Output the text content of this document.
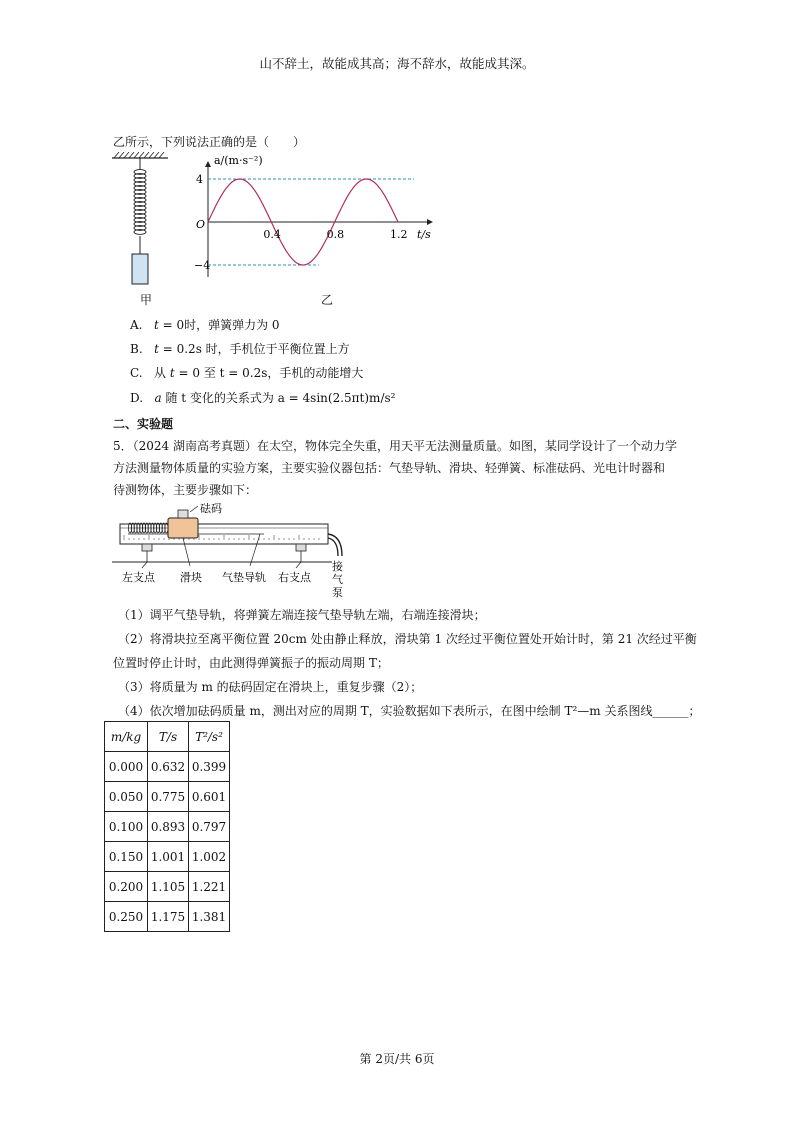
山不辞土，故能成其高；海不辞水，故能成其深。
乙所示，下列说法正确的是（　　）
a/(m·s⁻²)
t/s
O
0.4	0.8	1.2
4
−4
甲	乙
A. t = 0时，弹簧弹力为 0
B. t = 0.2s 时，手机位于平衡位置上方
C. 从 t = 0 至 t = 0.2s，手机的动能增大
D. a 随 t 变化的关系式为 a = 4sin(2.5πt)m/s²
二、实验题
5．（2024 湖南高考真题）在太空，物体完全失重，用天平无法测量质量。如图，某同学设计了一个动力学
方法测量物体质量的实验方案，主要实验仪器包括：气垫导轨、滑块、轻弹簧、标准砝码、光电计时器和
待测物体，主要步骤如下：
砝码
左支点 滑块 气垫导轨 右支点
接
气
泵
（1）调平气垫导轨，将弹簧左端连接气垫导轨左端，右端连接滑块；
（2）将滑块拉至离平衡位置 20cm 处由静止释放，滑块第 1 次经过平衡位置处开始计时，第 21 次经过平衡
位置时停止计时，由此测得弹簧振子的振动周期 T；
（3）将质量为 m 的砝码固定在滑块上，重复步骤（2）；
（4）依次增加砝码质量 m，测出对应的周期 T，实验数据如下表所示，在图中绘制 T²—m 关系图线______；
m/kg	T/s	T²/s²
0.000	0.632	0.399
0.050	0.775	0.601
0.100	0.893	0.797
0.150	1.001	1.002
0.200	1.105	1.221
0.250	1.175	1.381
第 2页/共 6页
